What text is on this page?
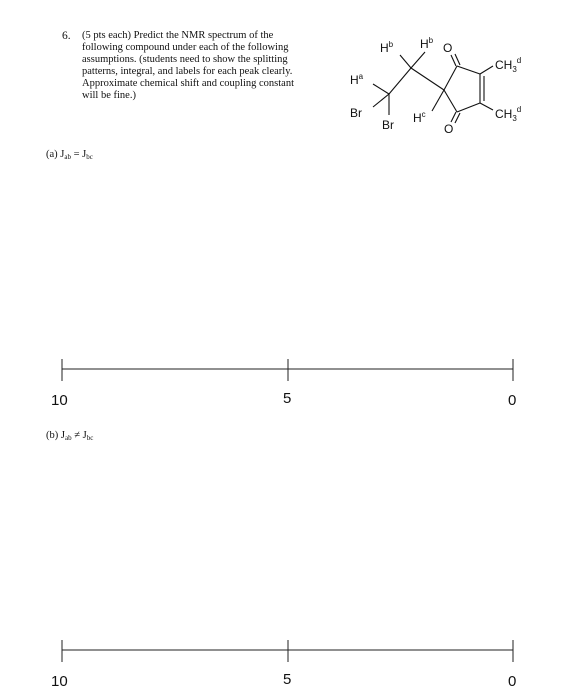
6. (5 pts each) Predict the NMR spectrum of the
following compound under each of the following
assumptions. (students need to show the splitting
patterns, integral, and labels for each peak clearly.
Approximate chemical shift and coupling constant
will be fine.)
$H^b$ $H^b$
O
$H^a$
$CH_3^d$
Br
Br $H^c$
O
$CH_3^d$
(a) Jab = Jbc
(b) Jab ≠ Jbc
10	5	0
10	5	0
